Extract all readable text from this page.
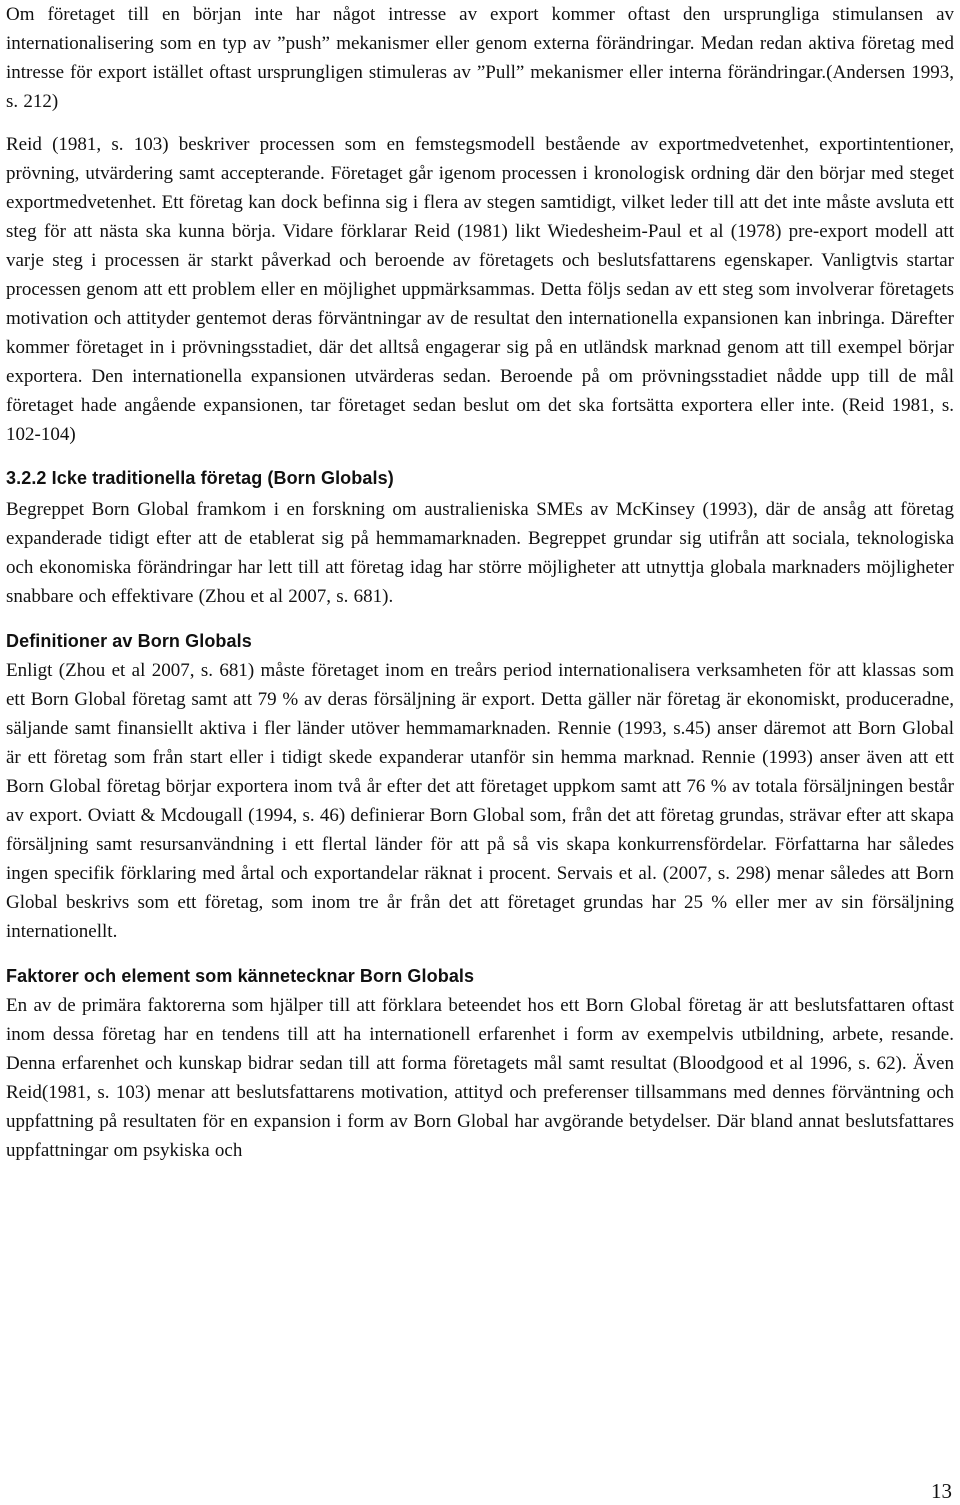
Om företaget till en början inte har något intresse av export kommer oftast den ursprungliga stimulansen av internationalisering som en typ av ”push” mekanismer eller genom externa förändringar. Medan redan aktiva företag med intresse för export istället oftast ursprungligen stimuleras av ”Pull” mekanismer eller interna förändringar.(Andersen 1993, s. 212)

Reid (1981, s. 103) beskriver processen som en femstegsmodell bestående av exportmedvetenhet, exportintentioner, prövning, utvärdering samt accepterande. Företaget går igenom processen i kronologisk ordning där den börjar med steget exportmedvetenhet. Ett företag kan dock befinna sig i flera av stegen samtidigt, vilket leder till att det inte måste avsluta ett steg för att nästa ska kunna börja. Vidare förklarar Reid (1981) likt Wiedesheim-Paul et al (1978) pre-export modell att varje steg i processen är starkt påverkad och beroende av företagets och beslutsfattarens egenskaper. Vanligtvis startar processen genom att ett problem eller en möjlighet uppmärksammas. Detta följs sedan av ett steg som involverar företagets motivation och attityder gentemot deras förväntningar av de resultat den internationella expansionen kan inbringa. Därefter kommer företaget in i prövningsstadiet, där det alltså engagerar sig på en utländsk marknad genom att till exempel börjar exportera. Den internationella expansionen utvärderas sedan. Beroende på om prövningsstadiet nådde upp till de mål företaget hade angående expansionen, tar företaget sedan beslut om det ska fortsätta exportera eller inte. (Reid 1981, s. 102-104)

3.2.2 Icke traditionella företag (Born Globals)

Begreppet Born Global framkom i en forskning om australieniska SMEs av McKinsey (1993), där de ansåg att företag expanderade tidigt efter att de etablerat sig på hemmamarknaden. Begreppet grundar sig utifrån att sociala, teknologiska och ekonomiska förändringar har lett till att företag idag har större möjligheter att utnyttja globala marknaders möjligheter snabbare och effektivare (Zhou et al 2007, s. 681).

Definitioner av Born Globals

Enligt (Zhou et al 2007, s. 681) måste företaget inom en treårs period internationalisera verksamheten för att klassas som ett Born Global företag samt att 79 % av deras försäljning är export. Detta gäller när företag är ekonomiskt, produceradne, säljande samt finansiellt aktiva i fler länder utöver hemmamarknaden. Rennie (1993, s.45) anser däremot att Born Global är ett företag som från start eller i tidigt skede expanderar utanför sin hemma marknad. Rennie (1993) anser även att ett Born Global företag börjar exportera inom två år efter det att företaget uppkom samt att 76 % av totala försäljningen består av export. Oviatt & Mcdougall (1994, s. 46) definierar Born Global som, från det att företag grundas, strävar efter att skapa försäljning samt resursanvändning i ett flertal länder för att på så vis skapa konkurrensfördelar. Författarna har således ingen specifik förklaring med årtal och exportandelar räknat i procent. Servais et al. (2007, s. 298) menar således att Born Global beskrivs som ett företag, som inom tre år från det att företaget grundas har 25 % eller mer av sin försäljning internationellt.

Faktorer och element som kännetecknar Born Globals

En av de primära faktorerna som hjälper till att förklara beteendet hos ett Born Global företag är att beslutsfattaren oftast inom dessa företag har en tendens till att ha internationell erfarenhet i form av exempelvis utbildning, arbete, resande. Denna erfarenhet och kunskap bidrar sedan till att forma företagets mål samt resultat (Bloodgood et al 1996, s. 62). Även Reid(1981, s. 103) menar att beslutsfattarens motivation, attityd och preferenser tillsammans med dennes förväntning och uppfattning på resultaten för en expansion i form av Born Global har avgörande betydelser. Där bland annat beslutsfattares uppfattningar om psykiska och

13
